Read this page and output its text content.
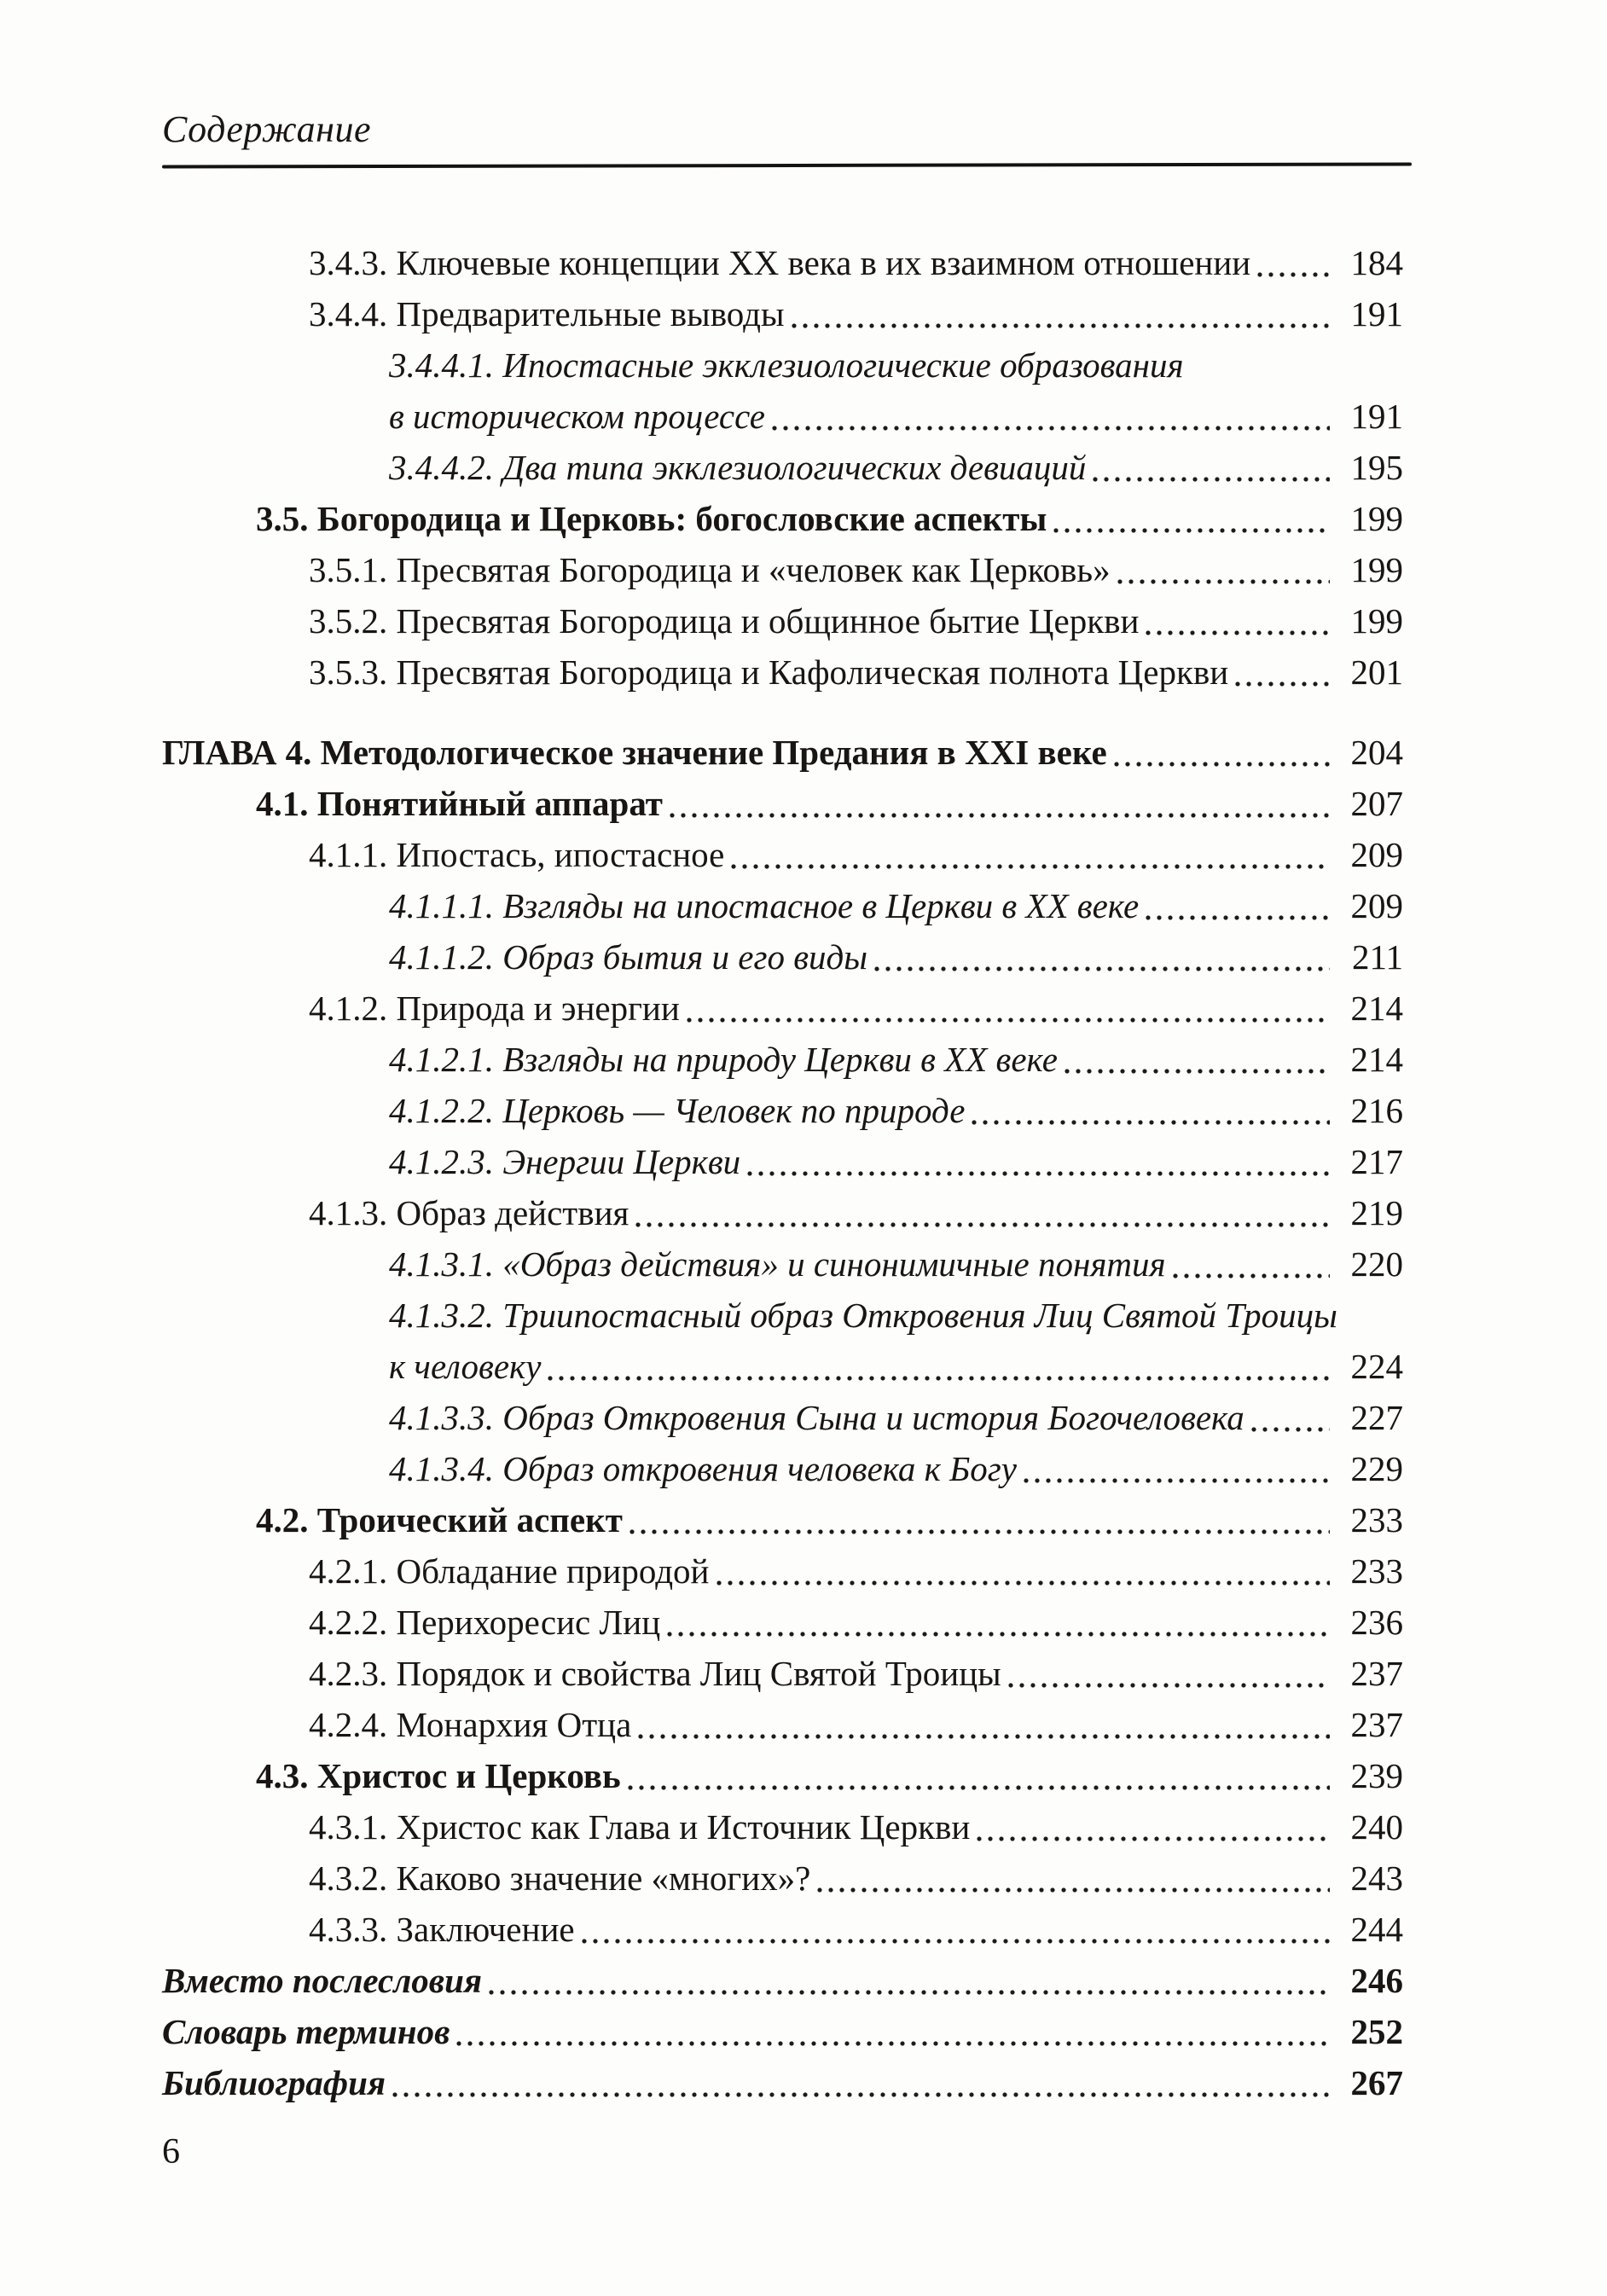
Содержание
3.4.3. Ключевые концепции XX века в их взаимном отношении	184
3.4.4. Предварительные выводы	191
3.4.4.1. Ипостасные экклезиологические образования
в историческом процессе	191
3.4.4.2. Два типа экклезиологических девиаций	195
3.5. Богородица и Церковь: богословские аспекты	199
3.5.1. Пресвятая Богородица и «человек как Церковь»	199
3.5.2. Пресвятая Богородица и общинное бытие Церкви	199
3.5.3. Пресвятая Богородица и Кафолическая полнота Церкви	201
ГЛАВА 4. Методологическое значение Предания в XXI веке	204
4.1. Понятийный аппарат	207
4.1.1. Ипостась, ипостасное	209
4.1.1.1. Взгляды на ипостасное в Церкви в XX веке	209
4.1.1.2. Образ бытия и его виды	211
4.1.2. Природа и энергии	214
4.1.2.1. Взгляды на природу Церкви в XX веке	214
4.1.2.2. Церковь — Человек по природе	216
4.1.2.3. Энергии Церкви	217
4.1.3. Образ действия	219
4.1.3.1. «Образ действия» и синонимичные понятия	220
4.1.3.2. Триипостасный образ Откровения Лиц Святой Троицы
к человеку	224
4.1.3.3. Образ Откровения Сына и история Богочеловека	227
4.1.3.4. Образ откровения человека к Богу	229
4.2. Троический аспект	233
4.2.1. Обладание природой	233
4.2.2. Перихоресис Лиц	236
4.2.3. Порядок и свойства Лиц Святой Троицы	237
4.2.4. Монархия Отца	237
4.3. Христос и Церковь	239
4.3.1. Христос как Глава и Источник Церкви	240
4.3.2. Каково значение «многих»?	243
4.3.3. Заключение	244
Вместо послесловия	246
Словарь терминов	252
Библиография	267
6
